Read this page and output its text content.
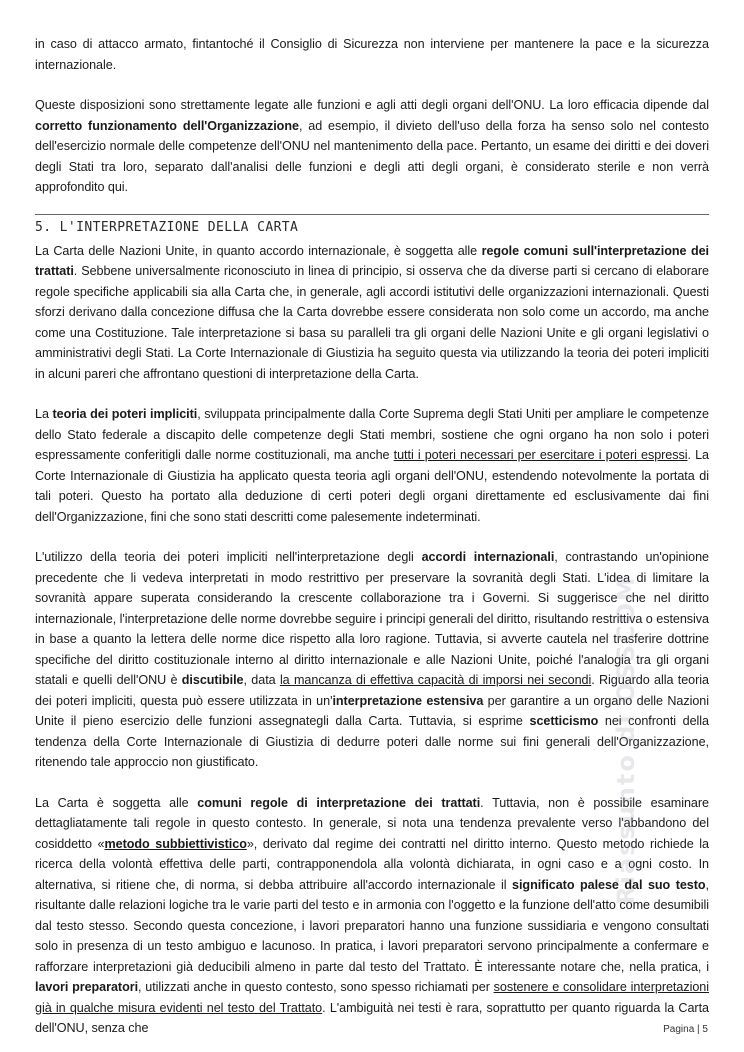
in caso di attacco armato, fintantoché il Consiglio di Sicurezza non interviene per mantenere la pace e la sicurezza internazionale.

Queste disposizioni sono strettamente legate alle funzioni e agli atti degli organi dell'ONU. La loro efficacia dipende dal corretto funzionamento dell'Organizzazione, ad esempio, il divieto dell'uso della forza ha senso solo nel contesto dell'esercizio normale delle competenze dell'ONU nel mantenimento della pace. Pertanto, un esame dei diritti e dei doveri degli Stati tra loro, separato dall'analisi delle funzioni e degli atti degli organi, è considerato sterile e non verrà approfondito qui.

5. L'INTERPRETAZIONE DELLA CARTA

La Carta delle Nazioni Unite, in quanto accordo internazionale, è soggetta alle regole comuni sull'interpretazione dei trattati. Sebbene universalmente riconosciuto in linea di principio, si osserva che da diverse parti si cercano di elaborare regole specifiche applicabili sia alla Carta che, in generale, agli accordi istitutivi delle organizzazioni internazionali. Questi sforzi derivano dalla concezione diffusa che la Carta dovrebbe essere considerata non solo come un accordo, ma anche come una Costituzione. Tale interpretazione si basa su paralleli tra gli organi delle Nazioni Unite e gli organi legislativi o amministrativi degli Stati. La Corte Internazionale di Giustizia ha seguito questa via utilizzando la teoria dei poteri impliciti in alcuni pareri che affrontano questioni di interpretazione della Carta.

La teoria dei poteri impliciti, sviluppata principalmente dalla Corte Suprema degli Stati Uniti per ampliare le competenze dello Stato federale a discapito delle competenze degli Stati membri, sostiene che ogni organo ha non solo i poteri espressamente conferitigli dalle norme costituzionali, ma anche tutti i poteri necessari per esercitare i poteri espressi. La Corte Internazionale di Giustizia ha applicato questa teoria agli organi dell'ONU, estendendo notevolmente la portata di tali poteri. Questo ha portato alla deduzione di certi poteri degli organi direttamente ed esclusivamente dai fini dell'Organizzazione, fini che sono stati descritti come palesemente indeterminati.

L'utilizzo della teoria dei poteri impliciti nell'interpretazione degli accordi internazionali, contrastando un'opinione precedente che li vedeva interpretati in modo restrittivo per preservare la sovranità degli Stati. L'idea di limitare la sovranità appare superata considerando la crescente collaborazione tra i Governi. Si suggerisce che nel diritto internazionale, l'interpretazione delle norme dovrebbe seguire i principi generali del diritto, risultando restrittiva o estensiva in base a quanto la lettera delle norme dice rispetto alla loro ragione. Tuttavia, si avverte cautela nel trasferire dottrine specifiche del diritto costituzionale interno al diritto internazionale e alle Nazioni Unite, poiché l'analogia tra gli organi statali e quelli dell'ONU è discutibile, data la mancanza di effettiva capacità di imporsi nei secondi. Riguardo alla teoria dei poteri impliciti, questa può essere utilizzata in un'interpretazione estensiva per garantire a un organo delle Nazioni Unite il pieno esercizio delle funzioni assegnategli dalla Carta. Tuttavia, si esprime scetticismo nei confronti della tendenza della Corte Internazionale di Giustizia di dedurre poteri dalle norme sui fini generali dell'Organizzazione, ritenendo tale approccio non giustificato.

La Carta è soggetta alle comuni regole di interpretazione dei trattati. Tuttavia, non è possibile esaminare dettagliatamente tali regole in questo contesto. In generale, si nota una tendenza prevalente verso l'abbandono del cosiddetto «metodo subbiettivistico», derivato dal regime dei contratti nel diritto interno. Questo metodo richiede la ricerca della volontà effettiva delle parti, contrapponendola alla volontà dichiarata, in ogni caso e a ogni costo. In alternativa, si ritiene che, di norma, si debba attribuire all'accordo internazionale il significato palese dal suo testo, risultante dalle relazioni logiche tra le varie parti del testo e in armonia con l'oggetto e la funzione dell'atto come desumibili dal testo stesso. Secondo questa concezione, i lavori preparatori hanno una funzione sussidiaria e vengono consultati solo in presenza di un testo ambiguo e lacunoso. In pratica, i lavori preparatori servono principalmente a confermare e rafforzare interpretazioni già deducibili almeno in parte dal testo del Trattato. È interessante notare che, nella pratica, i lavori preparatori, utilizzati anche in questo contesto, sono spesso richiamati per sostenere e consolidare interpretazioni già in qualche misura evidenti nel testo del Trattato. L'ambiguità nei testi è rara, soprattutto per quanto riguarda la Carta dell'ONU, senza che

Riassunto di OSSCOM
Pagina | 5
